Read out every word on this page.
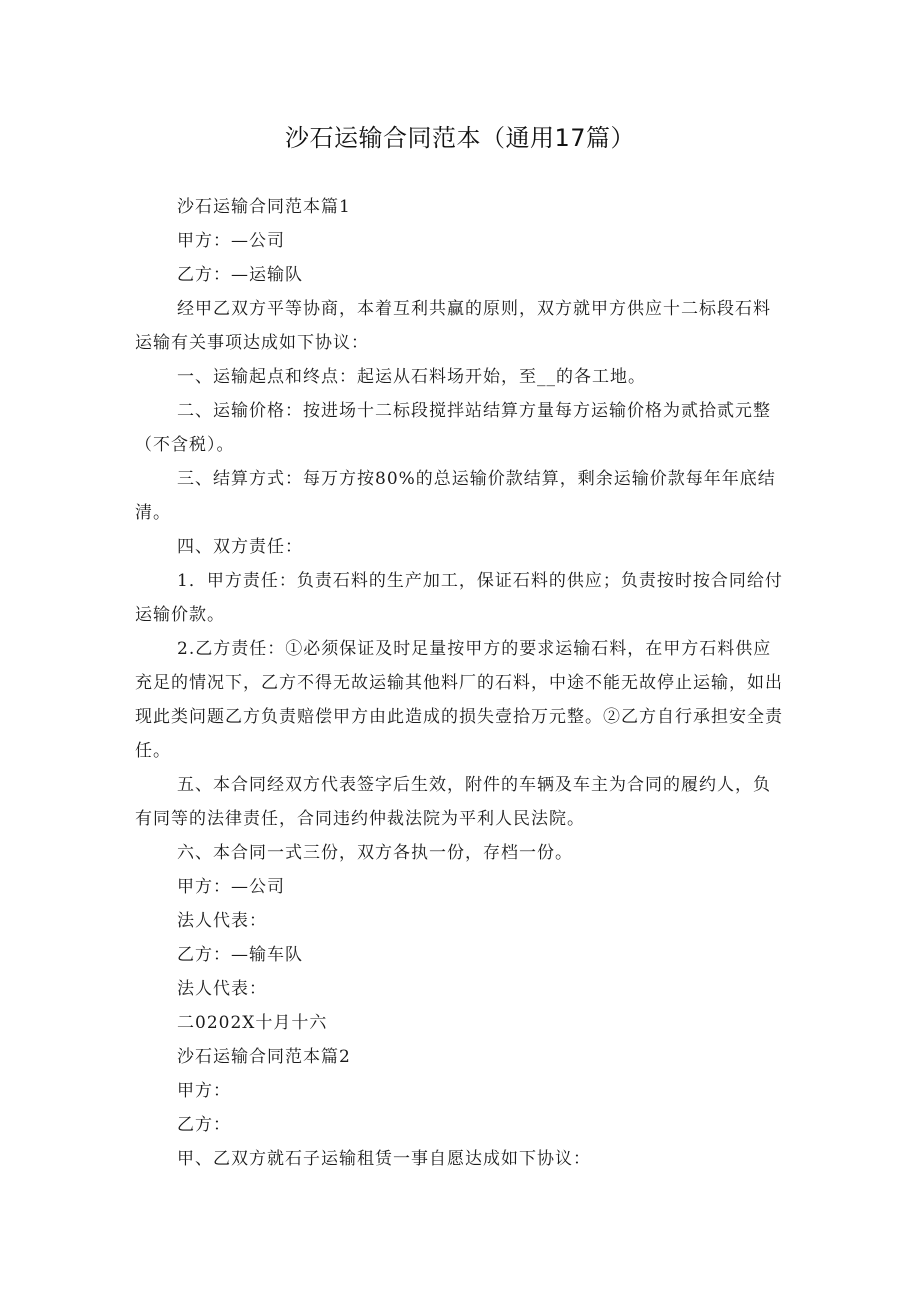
沙石运输合同范本（通用17篇）

沙石运输合同范本篇1

甲方：—公司

乙方：—运输队

经甲乙双方平等协商，本着互利共赢的原则，双方就甲方供应十二标段石料运输有关事项达成如下协议：

一、运输起点和终点：起运从石料场开始，至__的各工地。

二、运输价格：按进场十二标段搅拌站结算方量每方运输价格为贰拾贰元整（不含税）。

三、结算方式：每万方按80%的总运输价款结算，剩余运输价款每年年底结清。

四、双方责任：

1．甲方责任：负责石料的生产加工，保证石料的供应；负责按时按合同给付运输价款。

2.乙方责任：①必须保证及时足量按甲方的要求运输石料，在甲方石料供应充足的情况下，乙方不得无故运输其他料厂的石料，中途不能无故停止运输，如出现此类问题乙方负责赔偿甲方由此造成的损失壹拾万元整。②乙方自行承担安全责任。

五、本合同经双方代表签字后生效，附件的车辆及车主为合同的履约人，负有同等的法律责任，合同违约仲裁法院为平利人民法院。

六、本合同一式三份，双方各执一份，存档一份。

甲方：—公司

法人代表：

乙方：—输车队

法人代表：

二0202X十月十六

沙石运输合同范本篇2

甲方：

乙方：

甲、乙双方就石子运输租赁一事自愿达成如下协议：
